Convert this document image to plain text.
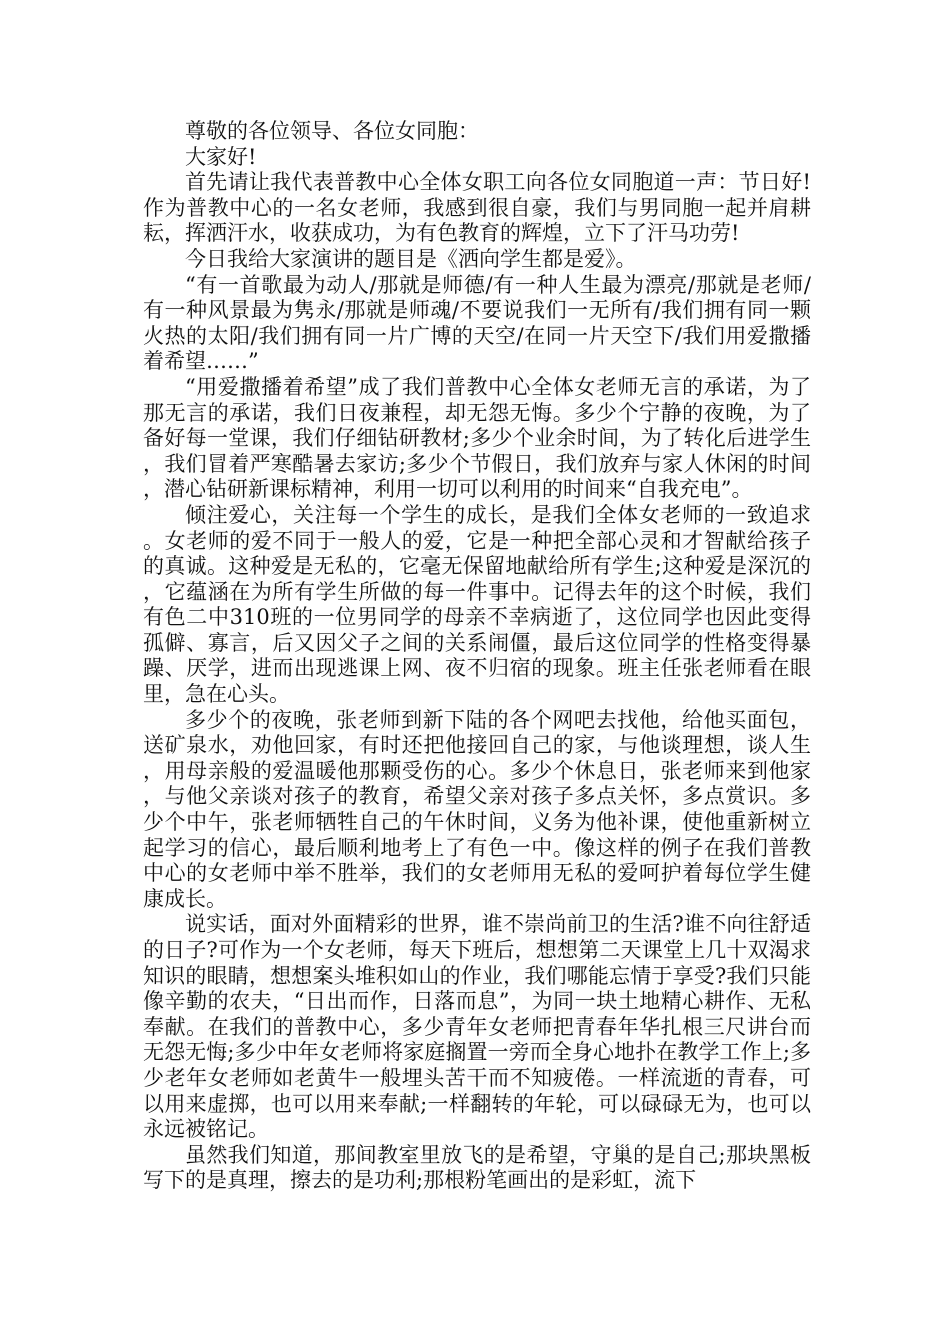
尊敬的各位领导、各位女同胞：

大家好!

首先请让我代表普教中心全体女职工向各位女同胞道一声：节日好!作为普教中心的一名女老师，我感到很自豪，我们与男同胞一起并肩耕耘，挥洒汗水，收获成功，为有色教育的辉煌，立下了汗马功劳!

今日我给大家演讲的题目是《洒向学生都是爱》。

“有一首歌最为动人/那就是师德/有一种人生最为漂亮/那就是老师/有一种风景最为隽永/那就是师魂/不要说我们一无所有/我们拥有同一颗火热的太阳/我们拥有同一片广博的天空/在同一片天空下/我们用爱撒播着希望……”

“用爱撒播着希望”成了我们普教中心全体女老师无言的承诺，为了那无言的承诺，我们日夜兼程，却无怨无悔。多少个宁静的夜晚，为了备好每一堂课，我们仔细钻研教材;多少个业余时间，为了转化后进学生，我们冒着严寒酷暑去家访;多少个节假日，我们放弃与家人休闲的时间，潜心钻研新课标精神，利用一切可以利用的时间来“自我充电”。

倾注爱心，关注每一个学生的成长，是我们全体女老师的一致追求。女老师的爱不同于一般人的爱，它是一种把全部心灵和才智献给孩子的真诚。这种爱是无私的，它毫无保留地献给所有学生;这种爱是深沉的，它蕴涵在为所有学生所做的每一件事中。记得去年的这个时候，我们有色二中310班的一位男同学的母亲不幸病逝了，这位同学也因此变得孤僻、寡言，后又因父子之间的关系闹僵，最后这位同学的性格变得暴躁、厌学，进而出现逃课上网、夜不归宿的现象。班主任张老师看在眼里，急在心头。

多少个的夜晚，张老师到新下陆的各个网吧去找他，给他买面包，送矿泉水，劝他回家，有时还把他接回自己的家，与他谈理想，谈人生，用母亲般的爱温暖他那颗受伤的心。多少个休息日，张老师来到他家，与他父亲谈对孩子的教育，希望父亲对孩子多点关怀，多点赏识。多少个中午，张老师牺牲自己的午休时间，义务为他补课，使他重新树立起学习的信心，最后顺利地考上了有色一中。像这样的例子在我们普教中心的女老师中举不胜举，我们的女老师用无私的爱呵护着每位学生健康成长。

说实话，面对外面精彩的世界，谁不崇尚前卫的生活?谁不向往舒适的日子?可作为一个女老师，每天下班后，想想第二天课堂上几十双渴求知识的眼睛，想想案头堆积如山的作业，我们哪能忘情于享受?我们只能像辛勤的农夫，“日出而作，日落而息”，为同一块土地精心耕作、无私奉献。在我们的普教中心，多少青年女老师把青春年华扎根三尺讲台而无怨无悔;多少中年女老师将家庭搁置一旁而全身心地扑在教学工作上;多少老年女老师如老黄牛一般埋头苦干而不知疲倦。一样流逝的青春，可以用来虚掷，也可以用来奉献;一样翻转的年轮，可以碌碌无为，也可以永远被铭记。

虽然我们知道，那间教室里放飞的是希望，守巢的是自己;那块黑板写下的是真理，擦去的是功利;那根粉笔画出的是彩虹，流下
